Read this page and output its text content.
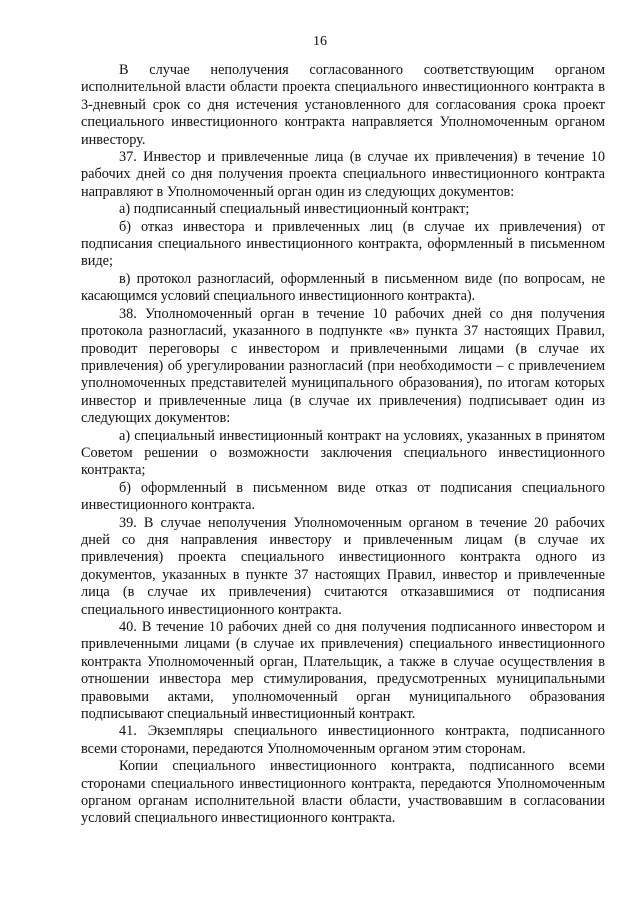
16

В случае неполучения согласованного соответствующим органом исполнительной власти области проекта специального инвестиционного контракта в 3-дневный срок со дня истечения установленного для согласования срока проект специального инвестиционного контракта направляется Уполномоченным органом инвестору.

37. Инвестор и привлеченные лица (в случае их привлечения) в течение 10 рабочих дней со дня получения проекта специального инвестиционного контракта направляют в Уполномоченный орган один из следующих документов:

а) подписанный специальный инвестиционный контракт;

б) отказ инвестора и привлеченных лиц (в случае их привлечения) от подписания специального инвестиционного контракта, оформленный в письменном виде;

в) протокол разногласий, оформленный в письменном виде (по вопросам, не касающимся условий специального инвестиционного контракта).

38. Уполномоченный орган в течение 10 рабочих дней со дня получения протокола разногласий, указанного в подпункте «в» пункта 37 настоящих Правил, проводит переговоры с инвестором и привлеченными лицами (в случае их привлечения) об урегулировании разногласий (при необходимости – с привлечением уполномоченных представителей муниципального образования), по итогам которых инвестор и привлеченные лица (в случае их привлечения) подписывает один из следующих документов:

а) специальный инвестиционный контракт на условиях, указанных в принятом Советом решении о возможности заключения специального инвестиционного контракта;

б) оформленный в письменном виде отказ от подписания специального инвестиционного контракта.

39. В случае неполучения Уполномоченным органом в течение 20 рабочих дней со дня направления инвестору и привлеченным лицам (в случае их привлечения) проекта специального инвестиционного контракта одного из документов, указанных в пункте 37 настоящих Правил, инвестор и привлеченные лица (в случае их привлечения) считаются отказавшимися от подписания специального инвестиционного контракта.

40. В течение 10 рабочих дней со дня получения подписанного инвестором и привлеченными лицами (в случае их привлечения) специального инвестиционного контракта Уполномоченный орган, Плательщик, а также в случае осуществления в отношении инвестора мер стимулирования, предусмотренных муниципальными правовыми актами, уполномоченный орган муниципального образования подписывают специальный инвестиционный контракт.

41. Экземпляры специального инвестиционного контракта, подписанного всеми сторонами, передаются Уполномоченным органом этим сторонам.

Копии специального инвестиционного контракта, подписанного всеми сторонами специального инвестиционного контракта, передаются Уполномоченным органом органам исполнительной власти области, участвовавшим в согласовании условий специального инвестиционного контракта.
